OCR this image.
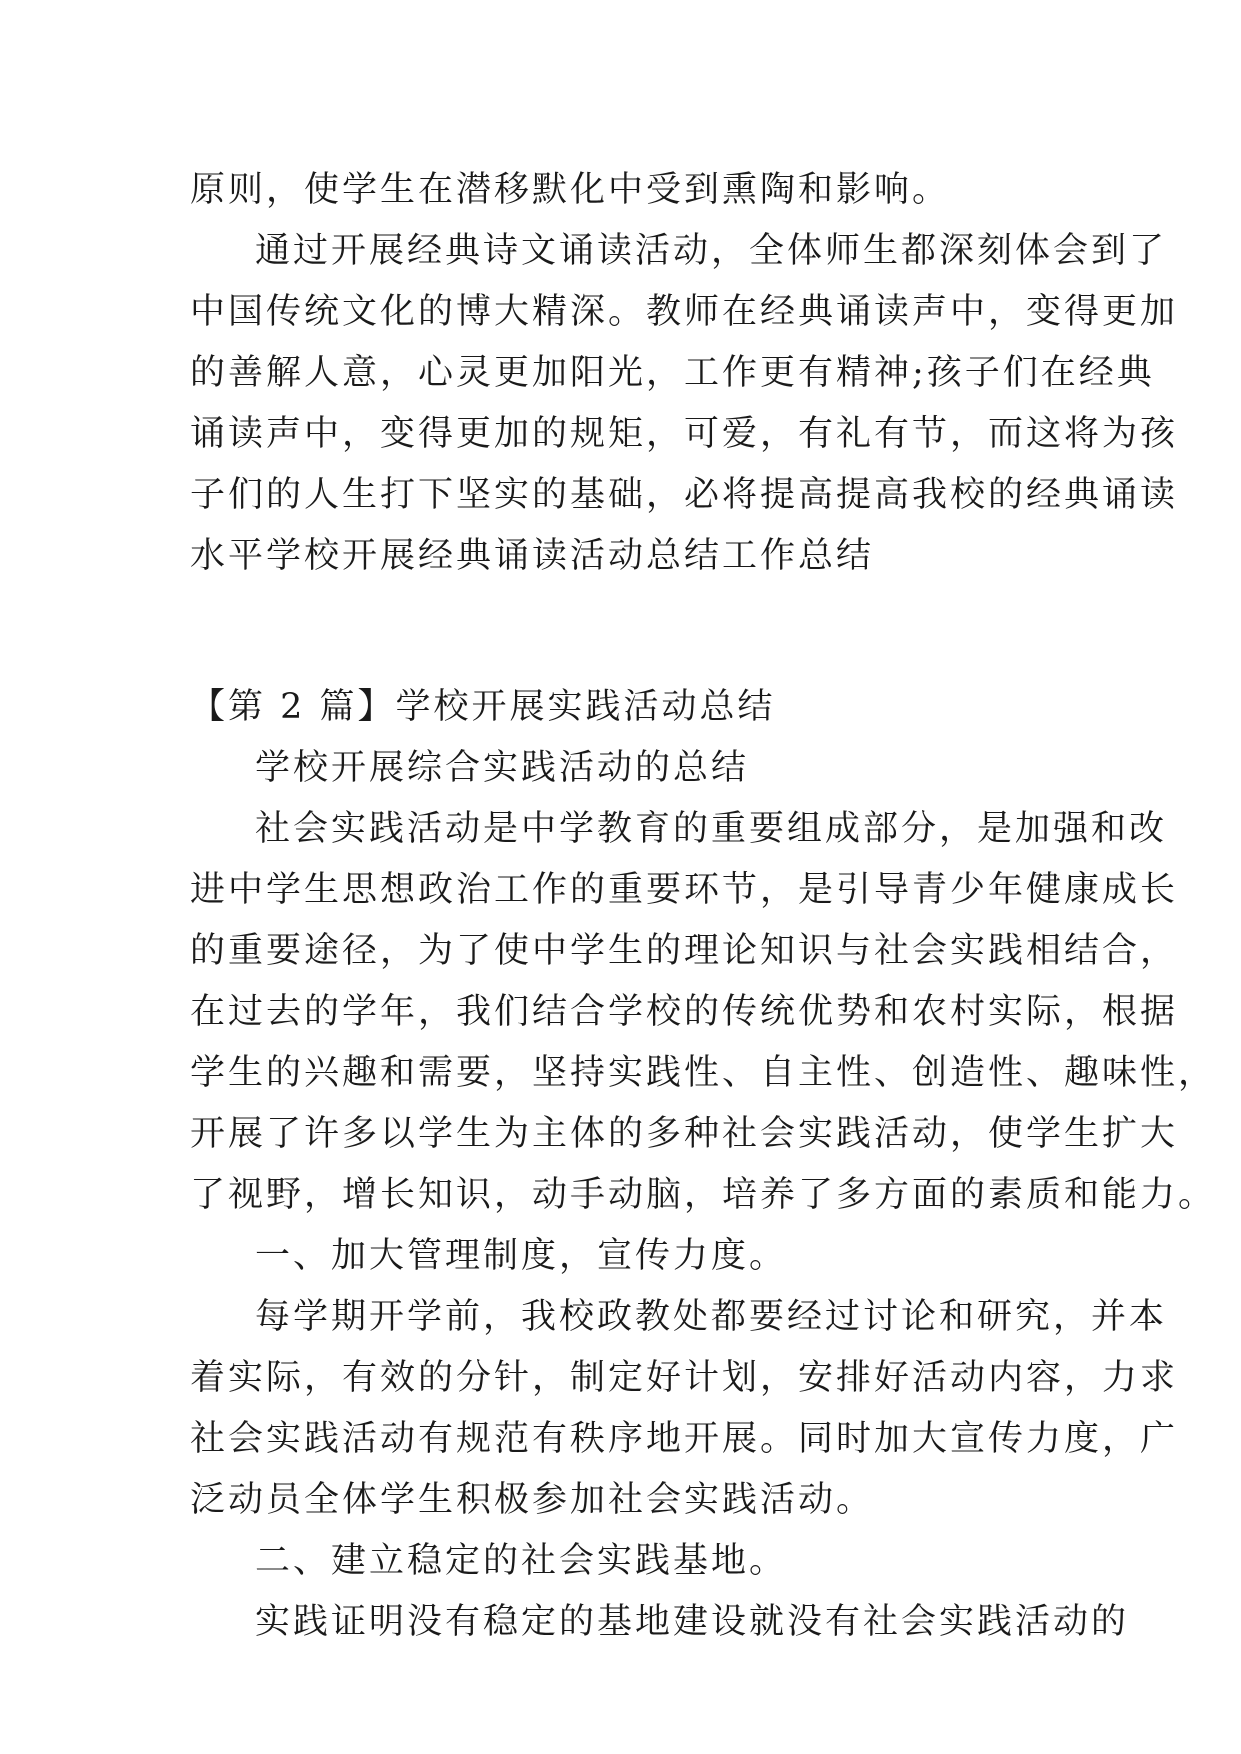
原则，使学生在潜移默化中受到熏陶和影响。
通过开展经典诗文诵读活动，全体师生都深刻体会到了
中国传统文化的博大精深。教师在经典诵读声中，变得更加
的善解人意，心灵更加阳光，工作更有精神;孩子们在经典
诵读声中，变得更加的规矩，可爱，有礼有节，而这将为孩
子们的人生打下坚实的基础，必将提高提高我校的经典诵读
水平学校开展经典诵读活动总结工作总结
【第 2 篇】学校开展实践活动总结
学校开展综合实践活动的总结
社会实践活动是中学教育的重要组成部分，是加强和改
进中学生思想政治工作的重要环节，是引导青少年健康成长
的重要途径，为了使中学生的理论知识与社会实践相结合，
在过去的学年，我们结合学校的传统优势和农村实际，根据
学生的兴趣和需要，坚持实践性、自主性、创造性、趣味性，
开展了许多以学生为主体的多种社会实践活动，使学生扩大
了视野，增长知识，动手动脑，培养了多方面的素质和能力。
一、加大管理制度，宣传力度。
每学期开学前，我校政教处都要经过讨论和研究，并本
着实际，有效的分针，制定好计划，安排好活动内容，力求
社会实践活动有规范有秩序地开展。同时加大宣传力度，广
泛动员全体学生积极参加社会实践活动。
二、建立稳定的社会实践基地。
实践证明没有稳定的基地建设就没有社会实践活动的
